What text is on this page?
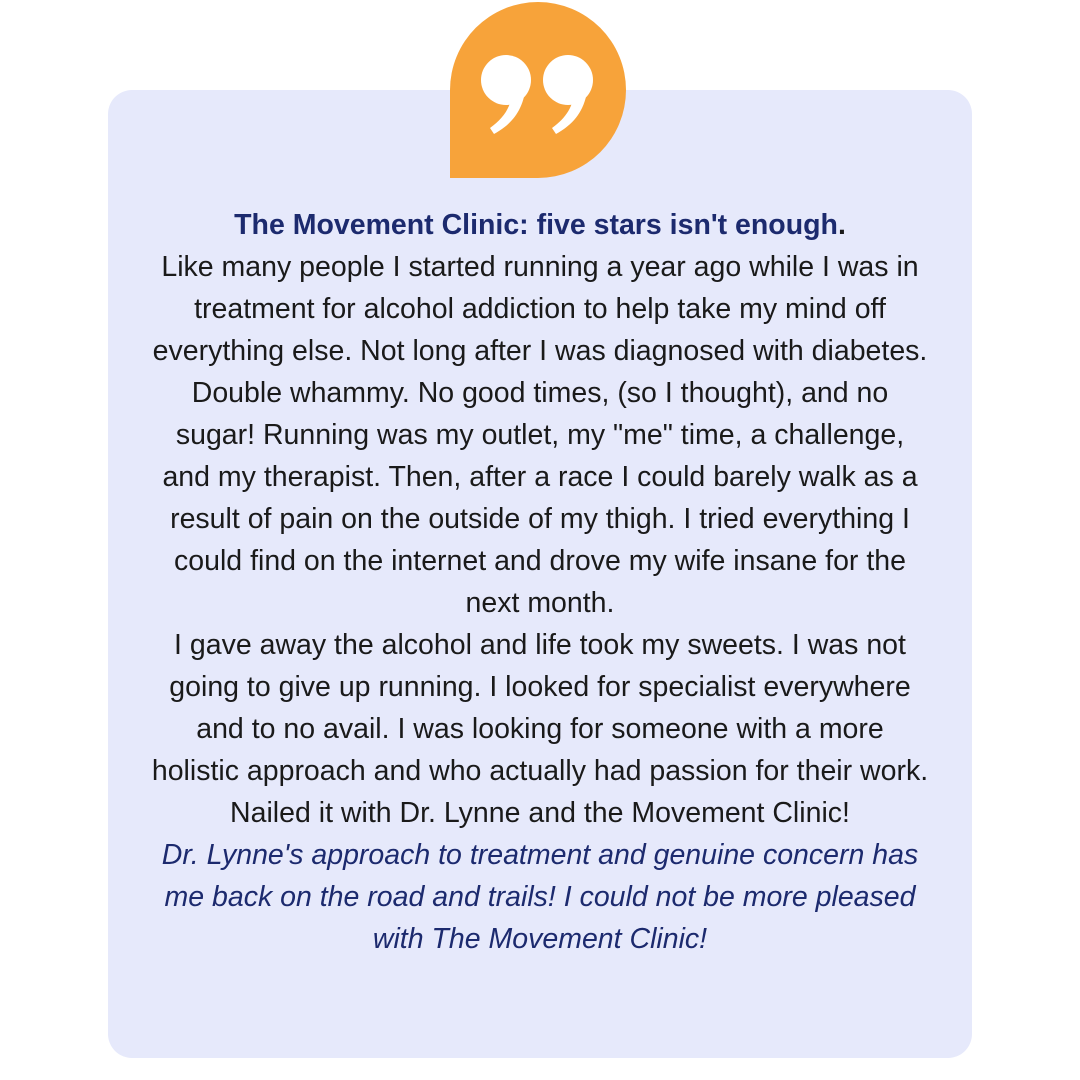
The Movement Clinic: five stars isn't enough.
Like many people I started running a year ago while I was in treatment for alcohol addiction to help take my mind off everything else. Not long after I was diagnosed with diabetes. Double whammy. No good times, (so I thought), and no sugar! Running was my outlet, my "me" time, a challenge, and my therapist. Then, after a race I could barely walk as a result of pain on the outside of my thigh. I tried everything I could find on the internet and drove my wife insane for the next month.
I gave away the alcohol and life took my sweets. I was not going to give up running. I looked for specialist everywhere and to no avail. I was looking for someone with a more holistic approach and who actually had passion for their work. Nailed it with Dr. Lynne and the Movement Clinic!
Dr. Lynne's approach to treatment and genuine concern has me back on the road and trails! I could not be more pleased with The Movement Clinic!
